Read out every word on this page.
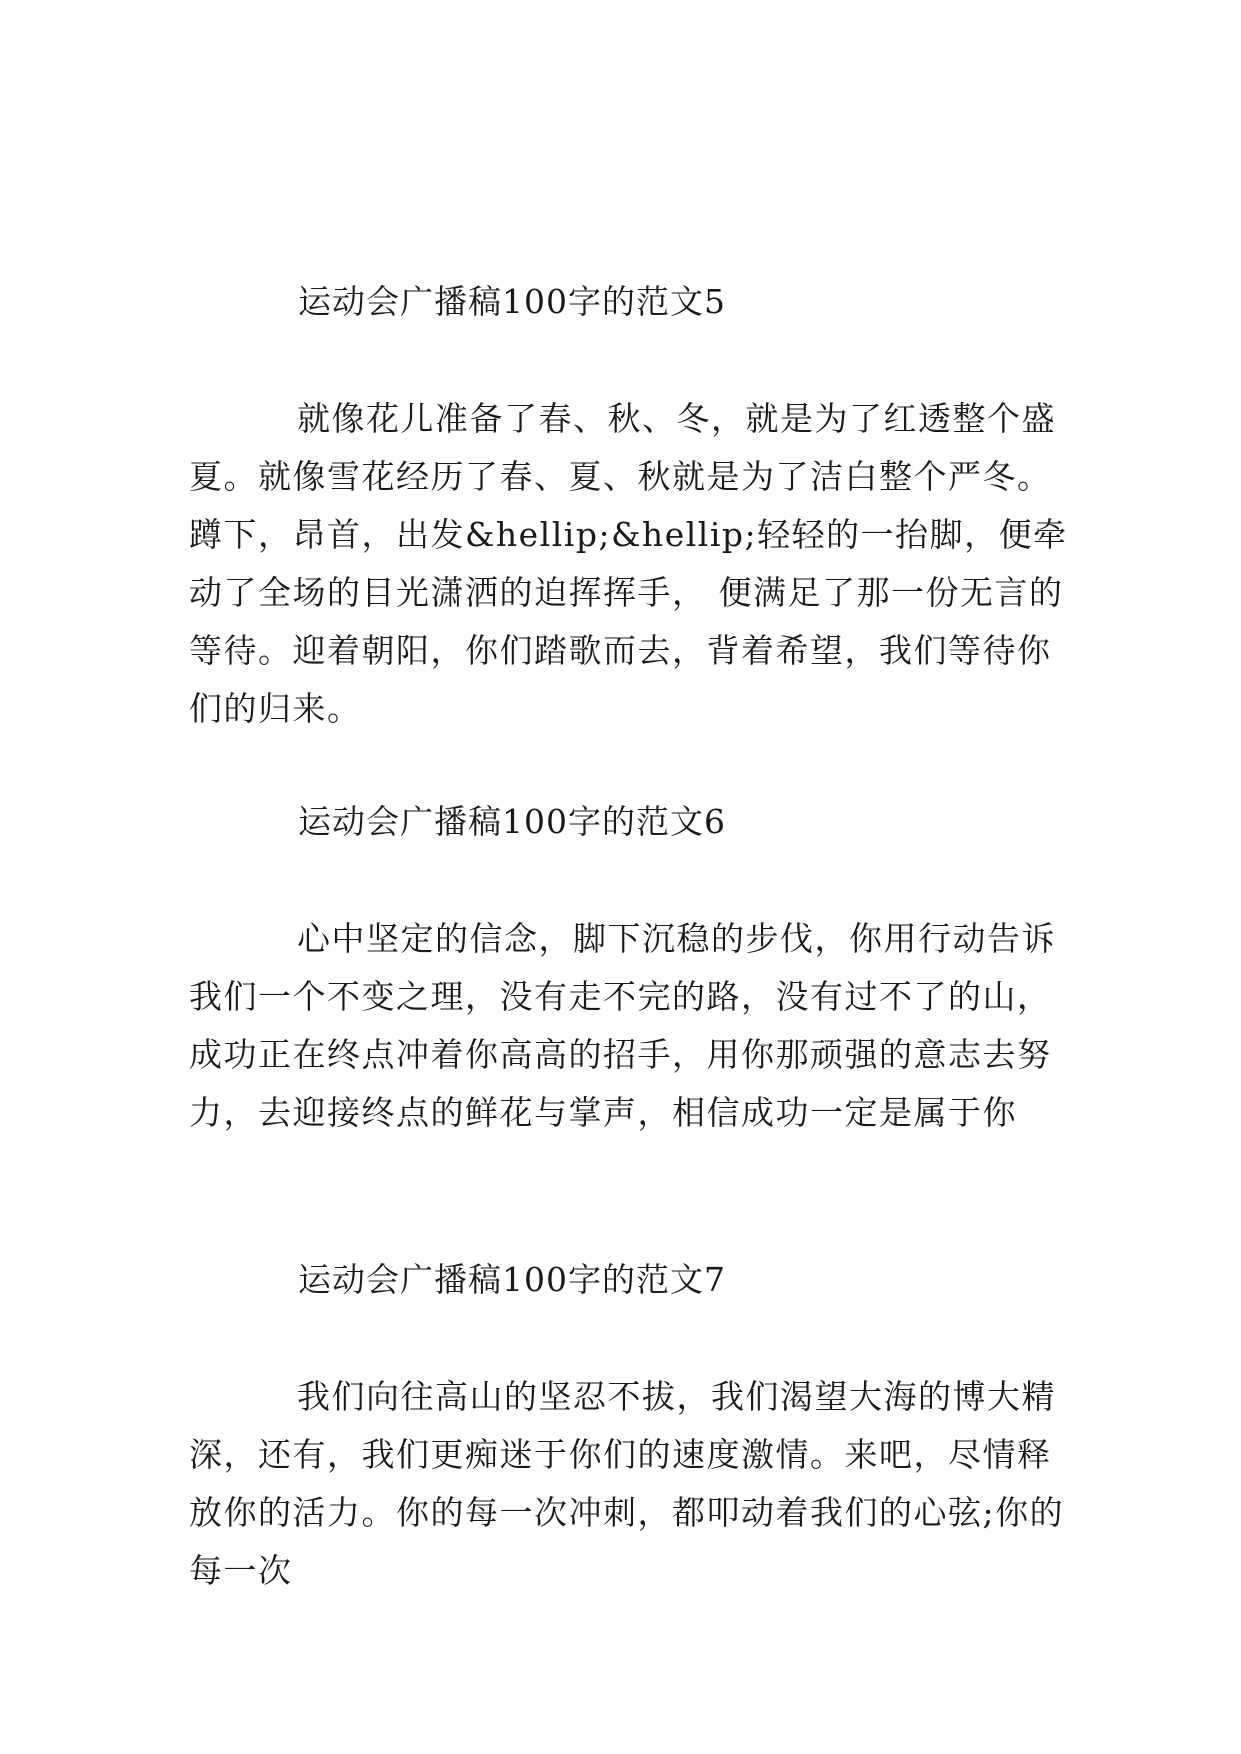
运动会广播稿100字的范文5

就像花儿准备了春、秋、冬，就是为了红透整个盛夏。就像雪花经历了春、夏、秋就是为了洁白整个严冬。蹲下，昂首，出发&hellip;&hellip;轻轻的一抬脚，便牵动了全场的目光潇洒的迫挥挥手， 便满足了那一份无言的等待。迎着朝阳，你们踏歌而去，背着希望，我们等待你们的归来。

运动会广播稿100字的范文6

心中坚定的信念，脚下沉稳的步伐，你用行动告诉我们一个不变之理，没有走不完的路，没有过不了的山，成功正在终点冲着你高高的招手，用你那顽强的意志去努力，去迎接终点的鲜花与掌声，相信成功一定是属于你

运动会广播稿100字的范文7

我们向往高山的坚忍不拔，我们渴望大海的博大精深，还有，我们更痴迷于你们的速度激情。来吧，尽情释放你的活力。你的每一次冲刺，都叩动着我们的心弦;你的每一次
